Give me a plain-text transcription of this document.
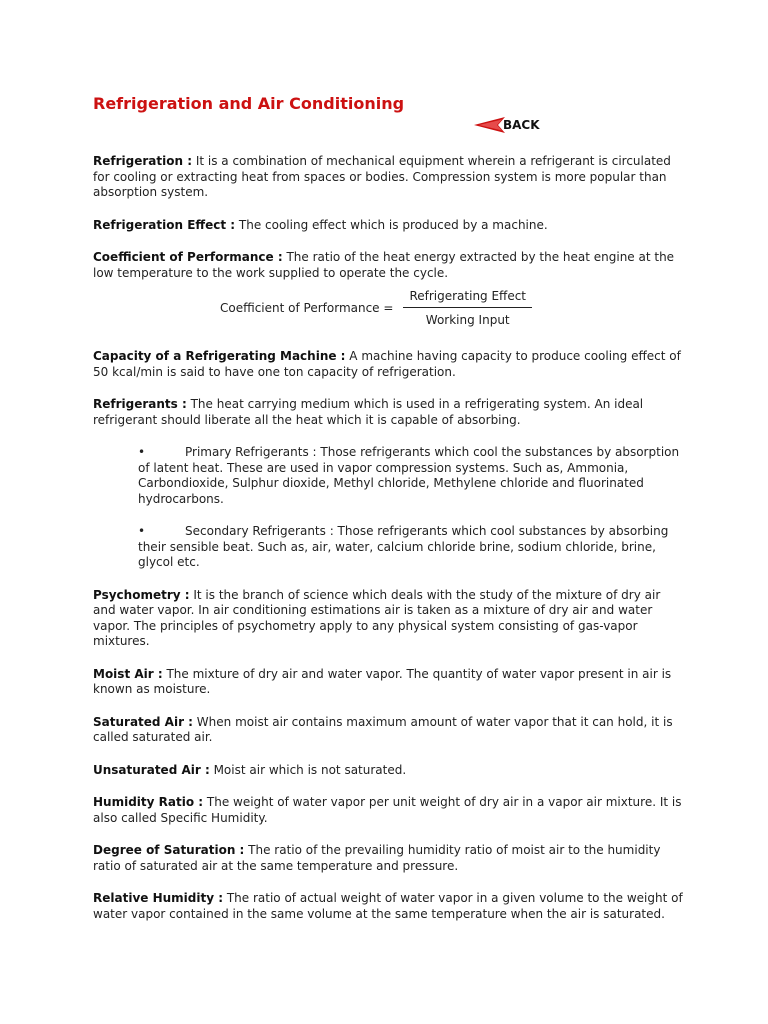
Refrigeration and Air Conditioning
BACK

Refrigeration : It is a combination of mechanical equipment wherein a refrigerant is circulated for cooling or extracting heat from spaces or bodies. Compression system is more popular than absorption system.

Refrigeration Effect : The cooling effect which is produced by a machine.

Coefficient of Performance : The ratio of the heat energy extracted by the heat engine at the low temperature to the work supplied to operate the cycle.

Coefficient of Performance = $\frac{\text{Refrigerating Effect}}{\text{Working Input}}$

Capacity of a Refrigerating Machine : A machine having capacity to produce cooling effect of 50 kcal/min is said to have one ton capacity of refrigeration.

Refrigerants : The heat carrying medium which is used in a refrigerating system. An ideal refrigerant should liberate all the heat which it is capable of absorbing.

•	Primary Refrigerants : Those refrigerants which cool the substances by absorption of latent heat. These are used in vapor compression systems. Such as, Ammonia, Carbondioxide, Sulphur dioxide, Methyl chloride, Methylene chloride and fluorinated hydrocarbons.
•	Secondary Refrigerants : Those refrigerants which cool substances by absorbing their sensible beat. Such as, air, water, calcium chloride brine, sodium chloride, brine, glycol etc.

Psychometry : It is the branch of science which deals with the study of the mixture of dry air and water vapor. In air conditioning estimations air is taken as a mixture of dry air and water vapor. The principles of psychometry apply to any physical system consisting of gas-vapor mixtures.

Moist Air : The mixture of dry air and water vapor. The quantity of water vapor present in air is known as moisture.

Saturated Air : When moist air contains maximum amount of water vapor that it can hold, it is called saturated air.

Unsaturated Air : Moist air which is not saturated.

Humidity Ratio : The weight of water vapor per unit weight of dry air in a vapor air mixture. It is also called Specific Humidity.

Degree of Saturation : The ratio of the prevailing humidity ratio of moist air to the humidity ratio of saturated air at the same temperature and pressure.

Relative Humidity : The ratio of actual weight of water vapor in a given volume to the weight of water vapor contained in the same volume at the same temperature when the air is saturated.
